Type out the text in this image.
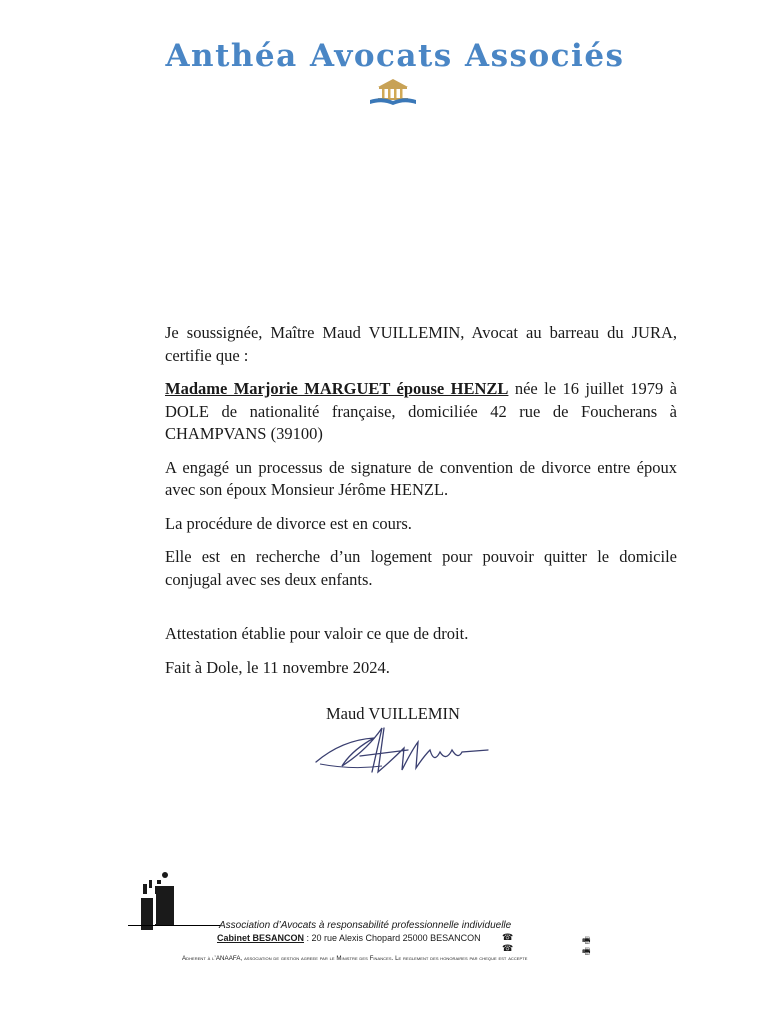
Anthéa Avocats Associés

Je soussignée, Maître Maud VUILLEMIN, Avocat au barreau du JURA, certifie que :

Madame Marjorie MARGUET épouse HENZL née le 16 juillet 1979 à DOLE de nationalité française, domiciliée 42 rue de Foucherans à CHAMPVANS (39100)

A engagé un processus de signature de convention de divorce entre époux avec son époux Monsieur Jérôme HENZL.

La procédure de divorce est en cours.

Elle est en recherche d’un logement pour pouvoir quitter le domicile conjugal avec ses deux enfants.

Attestation établie pour valoir ce que de droit.

Fait à Dole, le 11 novembre 2024.

Maud VUILLEMIN
Association d’Avocats à responsabilité professionnelle individuelle
Cabinet BESANCON : 20 rue Alexis Chopard 25000 BESANCON ☎
☎
🖷
🖷
Adherent à l’ANAAFA, association de gestion agreee par le Ministre des Finances. Le reglement des honoraires par cheque est accepte
